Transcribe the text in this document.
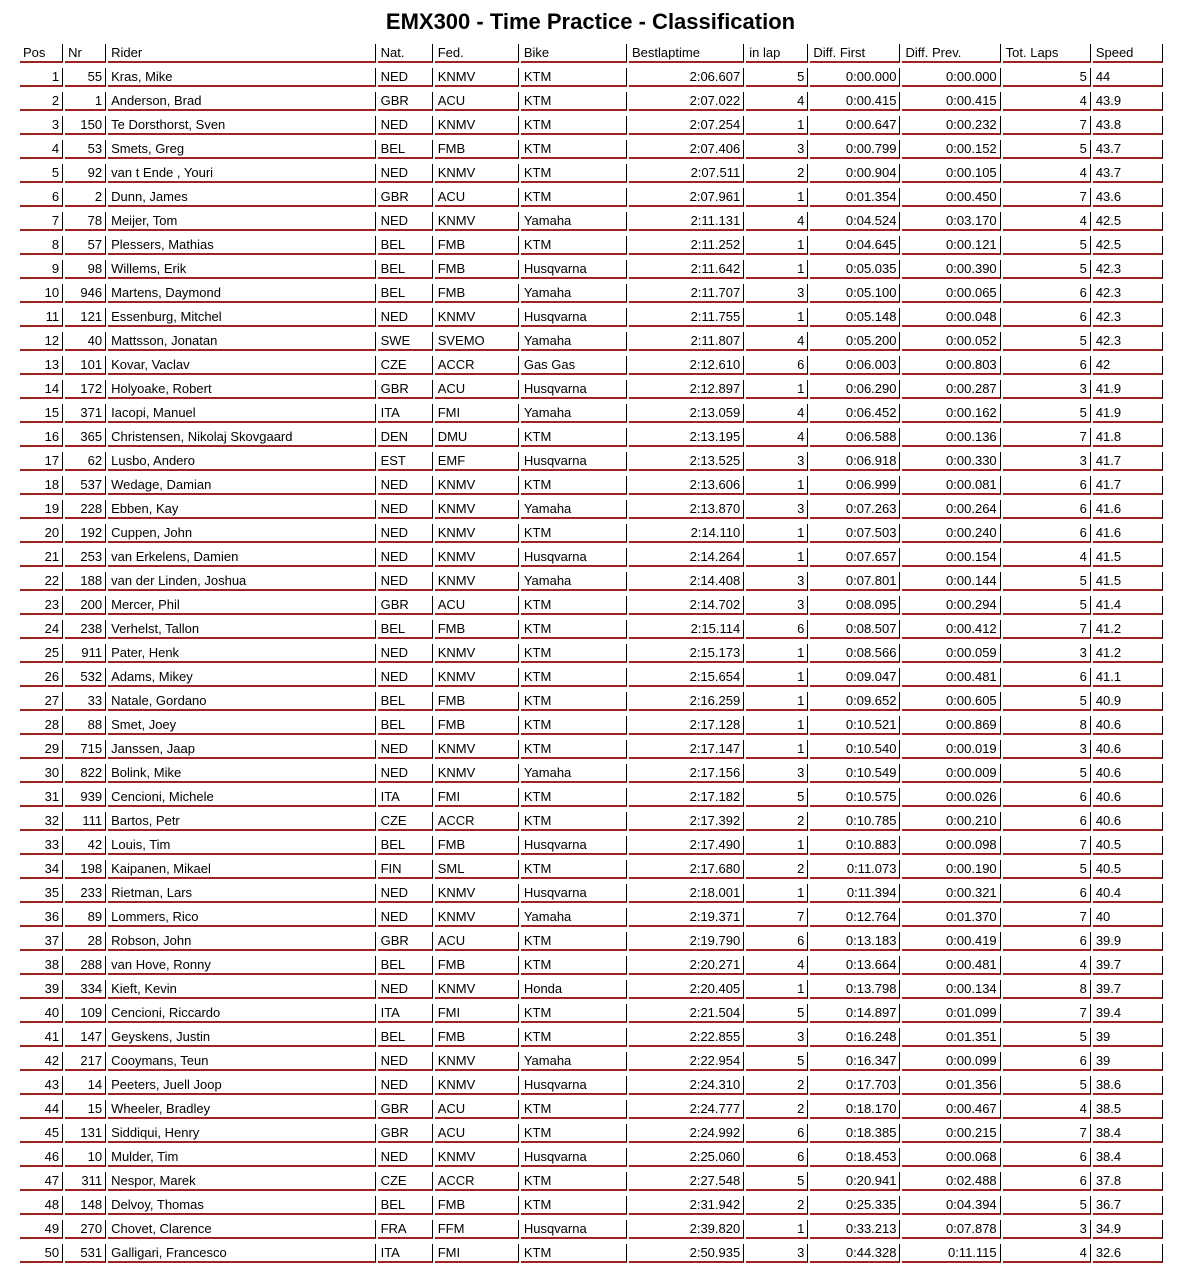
EMX300 - Time Practice - Classification
Pos	Nr	Rider	Nat.	Fed.	Bike	Bestlaptime	in lap	Diff. First	Diff. Prev.	Tot. Laps	Speed
1	55	Kras, Mike	NED	KNMV	KTM	2:06.607	5	0:00.000	0:00.000	5	44
2	1	Anderson, Brad	GBR	ACU	KTM	2:07.022	4	0:00.415	0:00.415	4	43.9
3	150	Te Dorsthorst, Sven	NED	KNMV	KTM	2:07.254	1	0:00.647	0:00.232	7	43.8
4	53	Smets, Greg	BEL	FMB	KTM	2:07.406	3	0:00.799	0:00.152	5	43.7
5	92	van t Ende , Youri	NED	KNMV	KTM	2:07.511	2	0:00.904	0:00.105	4	43.7
6	2	Dunn, James	GBR	ACU	KTM	2:07.961	1	0:01.354	0:00.450	7	43.6
7	78	Meijer, Tom	NED	KNMV	Yamaha	2:11.131	4	0:04.524	0:03.170	4	42.5
8	57	Plessers, Mathias	BEL	FMB	KTM	2:11.252	1	0:04.645	0:00.121	5	42.5
9	98	Willems, Erik	BEL	FMB	Husqvarna	2:11.642	1	0:05.035	0:00.390	5	42.3
10	946	Martens, Daymond	BEL	FMB	Yamaha	2:11.707	3	0:05.100	0:00.065	6	42.3
11	121	Essenburg, Mitchel	NED	KNMV	Husqvarna	2:11.755	1	0:05.148	0:00.048	6	42.3
12	40	Mattsson, Jonatan	SWE	SVEMO	Yamaha	2:11.807	4	0:05.200	0:00.052	5	42.3
13	101	Kovar, Vaclav	CZE	ACCR	Gas Gas	2:12.610	6	0:06.003	0:00.803	6	42
14	172	Holyoake, Robert	GBR	ACU	Husqvarna	2:12.897	1	0:06.290	0:00.287	3	41.9
15	371	Iacopi, Manuel	ITA	FMI	Yamaha	2:13.059	4	0:06.452	0:00.162	5	41.9
16	365	Christensen, Nikolaj Skovgaard	DEN	DMU	KTM	2:13.195	4	0:06.588	0:00.136	7	41.8
17	62	Lusbo, Andero	EST	EMF	Husqvarna	2:13.525	3	0:06.918	0:00.330	3	41.7
18	537	Wedage, Damian	NED	KNMV	KTM	2:13.606	1	0:06.999	0:00.081	6	41.7
19	228	Ebben, Kay	NED	KNMV	Yamaha	2:13.870	3	0:07.263	0:00.264	6	41.6
20	192	Cuppen, John	NED	KNMV	KTM	2:14.110	1	0:07.503	0:00.240	6	41.6
21	253	van Erkelens, Damien	NED	KNMV	Husqvarna	2:14.264	1	0:07.657	0:00.154	4	41.5
22	188	van der Linden, Joshua	NED	KNMV	Yamaha	2:14.408	3	0:07.801	0:00.144	5	41.5
23	200	Mercer, Phil	GBR	ACU	KTM	2:14.702	3	0:08.095	0:00.294	5	41.4
24	238	Verhelst, Tallon	BEL	FMB	KTM	2:15.114	6	0:08.507	0:00.412	7	41.2
25	911	Pater, Henk	NED	KNMV	KTM	2:15.173	1	0:08.566	0:00.059	3	41.2
26	532	Adams, Mikey	NED	KNMV	KTM	2:15.654	1	0:09.047	0:00.481	6	41.1
27	33	Natale, Gordano	BEL	FMB	KTM	2:16.259	1	0:09.652	0:00.605	5	40.9
28	88	Smet, Joey	BEL	FMB	KTM	2:17.128	1	0:10.521	0:00.869	8	40.6
29	715	Janssen, Jaap	NED	KNMV	KTM	2:17.147	1	0:10.540	0:00.019	3	40.6
30	822	Bolink, Mike	NED	KNMV	Yamaha	2:17.156	3	0:10.549	0:00.009	5	40.6
31	939	Cencioni, Michele	ITA	FMI	KTM	2:17.182	5	0:10.575	0:00.026	6	40.6
32	111	Bartos, Petr	CZE	ACCR	KTM	2:17.392	2	0:10.785	0:00.210	6	40.6
33	42	Louis, Tim	BEL	FMB	Husqvarna	2:17.490	1	0:10.883	0:00.098	7	40.5
34	198	Kaipanen, Mikael	FIN	SML	KTM	2:17.680	2	0:11.073	0:00.190	5	40.5
35	233	Rietman, Lars	NED	KNMV	Husqvarna	2:18.001	1	0:11.394	0:00.321	6	40.4
36	89	Lommers, Rico	NED	KNMV	Yamaha	2:19.371	7	0:12.764	0:01.370	7	40
37	28	Robson, John	GBR	ACU	KTM	2:19.790	6	0:13.183	0:00.419	6	39.9
38	288	van Hove, Ronny	BEL	FMB	KTM	2:20.271	4	0:13.664	0:00.481	4	39.7
39	334	Kieft, Kevin	NED	KNMV	Honda	2:20.405	1	0:13.798	0:00.134	8	39.7
40	109	Cencioni, Riccardo	ITA	FMI	KTM	2:21.504	5	0:14.897	0:01.099	7	39.4
41	147	Geyskens, Justin	BEL	FMB	KTM	2:22.855	3	0:16.248	0:01.351	5	39
42	217	Cooymans, Teun	NED	KNMV	Yamaha	2:22.954	5	0:16.347	0:00.099	6	39
43	14	Peeters, Juell Joop	NED	KNMV	Husqvarna	2:24.310	2	0:17.703	0:01.356	5	38.6
44	15	Wheeler, Bradley	GBR	ACU	KTM	2:24.777	2	0:18.170	0:00.467	4	38.5
45	131	Siddiqui, Henry	GBR	ACU	KTM	2:24.992	6	0:18.385	0:00.215	7	38.4
46	10	Mulder, Tim	NED	KNMV	Husqvarna	2:25.060	6	0:18.453	0:00.068	6	38.4
47	311	Nespor, Marek	CZE	ACCR	KTM	2:27.548	5	0:20.941	0:02.488	6	37.8
48	148	Delvoy, Thomas	BEL	FMB	KTM	2:31.942	2	0:25.335	0:04.394	5	36.7
49	270	Chovet, Clarence	FRA	FFM	Husqvarna	2:39.820	1	0:33.213	0:07.878	3	34.9
50	531	Galligari, Francesco	ITA	FMI	KTM	2:50.935	3	0:44.328	0:11.115	4	32.6
